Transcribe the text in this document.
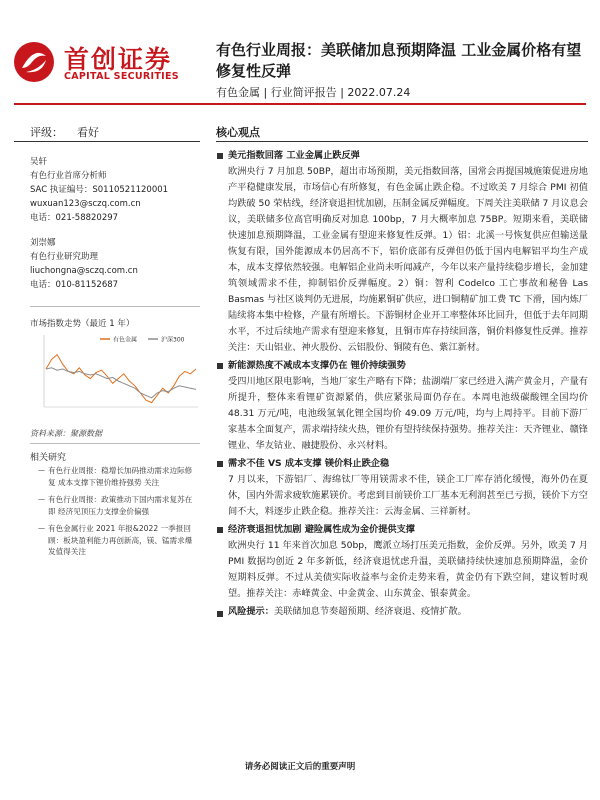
首创证券
CAPITAL SECURITIES
有色行业周报：美联储加息预期降温 工业金属价格有望修复性反弹
有色金属 | 行业简评报告 | 2022.07.24
评级： 看好	核心观点
吴轩
有色行业首席分析师
SAC 执证编号：S0110521120001
wuxuan123@sczq.com.cn
电话：021-58820297
刘崇娜
有色行业研究助理
liuchongna@sczq.com.cn
电话：010-81152687
市场指数走势（最近 1 年）
有色金属	沪深300
资料来源：聚源数据
相关研究
— 有色行业周报：稳增长加码推动需求边际修复 成本支撑下锂价维持强势 关注
— 有色行业周报：政策推动下国内需求复苏在即 经济见顶压力支撑金价偏强
— 有色金属行业 2021 年报&2022 一季报回顾：板块盈利能力再创新高，镁、锰需求爆发值得关注
美元指数回落 工业金属止跌反弹

欧洲央行 7 月加息 50BP，超出市场预期，美元指数回落，国常会再提国城施策促进房地产平稳健康发展，市场信心有所修复，有色金属止跌企稳。不过欧美 7 月综合 PMI 初值均跌破 50 荣枯线，经济衰退担忧加剧，压制金属反弹幅度。下周关注美联储 7 月议息会议，美联储多位高官明确反对加息 100bp，7 月大概率加息 75BP。短期来看，美联储快速加息预期降温，工业金属有望迎来修复性反弹。1）铝：北溪一号恢复供应但输送量恢复有限，国外能源成本仍居高不下，铝价底部有反弹但仍低于国内电解铝平均生产成本，成本支撑依然较强。电解铝企业尚未听闻减产，今年以来产量持续稳步增长，金加建筑领域需求不佳，抑制铝价反弹幅度。2）铜：智利 Codelco 工亡事故和秘鲁 Las Basmas 与社区谈判仍无进展，均施累铜矿供应，进口铜精矿加工费 TC 下滑，国内炼厂陆续将本集中检修，产量有所增长。下游铜材企业开工率整体环比回升，但低于去年同期水平，不过后续地产需求有望迎来修复，且铜市库存持续回落，铜价料修复性反弹。推荐关注：天山铝业、神火股份、云铝股份、铜陵有色、紫江新材。

新能源热度不减成本支撑仍在 锂价持续强势

受四川地区限电影响，当地厂家生产略有下降；盐湖端厂家已经进入满产黄金月，产量有所提升，整体来看锂矿资源紧俏，供应紧张局面仍存在。本周电池级碳酸锂全国均价 48.31 万元/吨，电池级氢氧化锂全国均价 49.09 万元/吨，均与上周持平。目前下游厂家基本全面复产，需求端持续火热，锂价有望持续保持强势。推荐关注：天齐锂业、赣锋锂业、华友钴业、融捷股份、永兴材料。

需求不佳 VS 成本支撑 镁价料止跌企稳

7 月以来，下游铝厂、海绵钛厂等用镁需求不佳，镁企工厂库存消化缓慢，海外仍在夏休，国内外需求疲软施累镁价。考虑到目前镁价工厂基本无利润甚至已亏损，镁价下方空间不大，料逐步止跌企稳。推荐关注：云海金属、三祥新材。

经济衰退担忧加剧 避险属性成为金价提供支撑

欧洲央行 11 年来首次加息 50bp，鹰派立场打压美元指数，金价反弹。另外，欧美 7 月 PMI 数据均创近 2 年多新低，经济衰退忧虑升温，美联储持续快速加息预期降温，金价短期料反弹。不过从美债实际收益率与金价走势来看，黄金仍有下跌空间，建议暂时观望。推荐关注：赤峰黄金、中金黄金、山东黄金、银泰黄金。

风险提示：美联储加息节奏超预期、经济衰退、疫情扩散。
请务必阅读正文后的重要声明
